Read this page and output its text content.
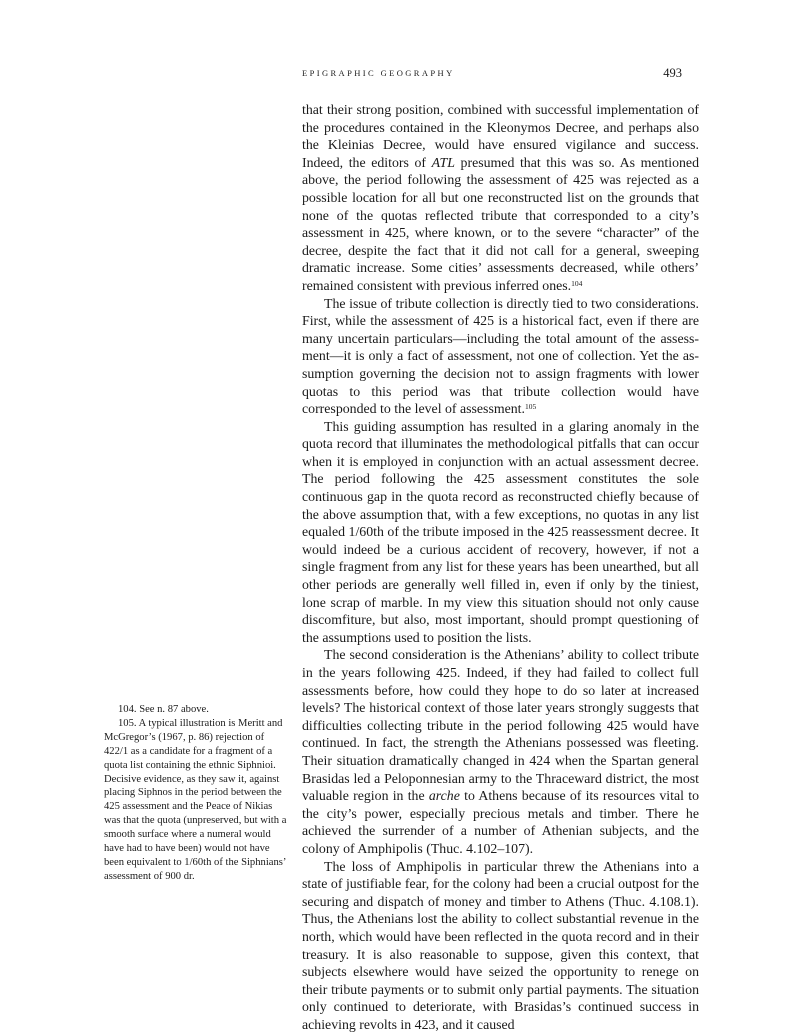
EPIGRAPHIC GEOGRAPHY	493

that their strong position, combined with successful implementation of the procedures contained in the Kleonymos Decree, and perhaps also the Kleinias Decree, would have ensured vigilance and success. Indeed, the editors of ATL presumed that this was so. As mentioned above, the period following the assessment of 425 was rejected as a possible location for all but one reconstructed list on the grounds that none of the quotas reflected tribute that corresponded to a city’s assessment in 425, where known, or to the severe “character” of the decree, despite the fact that it did not call for a general, sweeping dramatic increase. Some cities’ assessments decreased, while others’ remained consistent with previous inferred ones.$^{104}$

The issue of tribute collection is directly tied to two considerations. First, while the assessment of 425 is a historical fact, even if there are many uncertain particulars—including the total amount of the assessment—it is only a fact of assessment, not one of collection. Yet the assumption governing the decision not to assign fragments with lower quotas to this period was that tribute collection would have corresponded to the level of assessment.$^{105}$

This guiding assumption has resulted in a glaring anomaly in the quota record that illuminates the methodological pitfalls that can occur when it is employed in conjunction with an actual assessment decree. The period following the 425 assessment constitutes the sole continuous gap in the quota record as reconstructed chiefly because of the above assumption that, with a few exceptions, no quotas in any list equaled 1/60th of the tribute imposed in the 425 reassessment decree. It would indeed be a curious accident of recovery, however, if not a single fragment from any list for these years has been unearthed, but all other periods are generally well filled in, even if only by the tiniest, lone scrap of marble. In my view this situation should not only cause discomfiture, but also, most important, should prompt questioning of the assumptions used to position the lists.

The second consideration is the Athenians’ ability to collect tribute in the years following 425. Indeed, if they had failed to collect full assessments before, how could they hope to do so later at increased levels? The historical context of those later years strongly suggests that difficulties collecting tribute in the period following 425 would have continued. In fact, the strength the Athenians possessed was fleeting. Their situation dramatically changed in 424 when the Spartan general Brasidas led a Peloponnesian army to the Thraceward district, the most valuable region in the arche to Athens because of its resources vital to the city’s power, especially precious metals and timber. There he achieved the surrender of a number of Athenian subjects, and the colony of Amphipolis (Thuc. 4.102–107).

The loss of Amphipolis in particular threw the Athenians into a state of justifiable fear, for the colony had been a crucial outpost for the securing and dispatch of money and timber to Athens (Thuc. 4.108.1). Thus, the Athenians lost the ability to collect substantial revenue in the north, which would have been reflected in the quota record and in their treasury. It is also reasonable to suppose, given this context, that subjects elsewhere would have seized the opportunity to renege on their tribute payments or to submit only partial payments. The situation only continued to deteriorate, with Brasidas’s continued success in achieving revolts in 423, and it caused

104. See n. 87 above.

105. A typical illustration is Meritt and McGregor’s (1967, p. 86) rejection of 422/1 as a candidate for a fragment of a quota list containing the ethnic Siphnioi. Decisive evidence, as they saw it, against placing Siphnos in the period between the 425 assessment and the Peace of Nikias was that the quota (unpreserved, but with a smooth surface where a numeral would have had to have been) would not have been equivalent to 1/60th of the Siphnians’ assessment of 900 dr.
